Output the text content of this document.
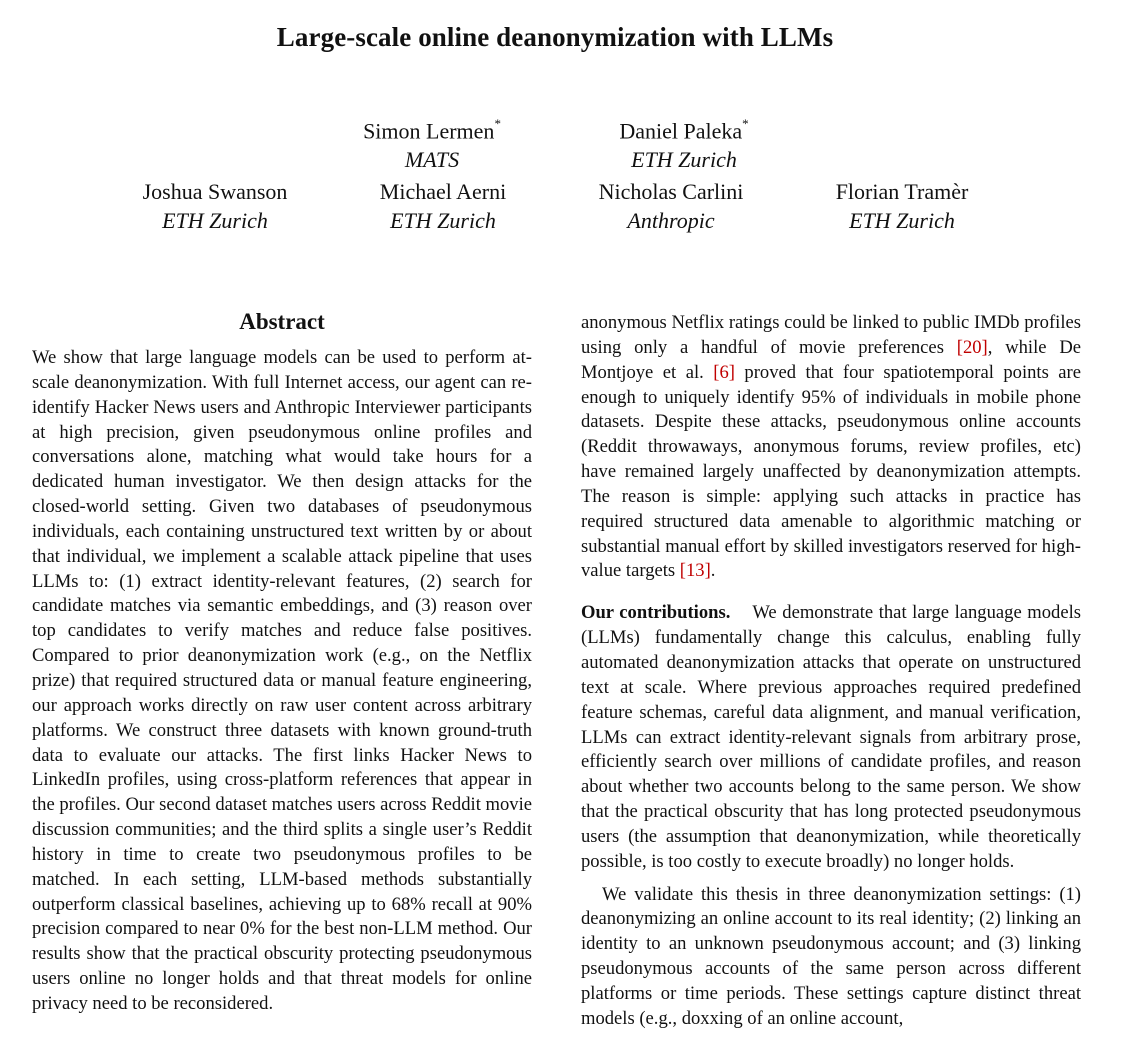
Large-scale online deanonymization with LLMs
Simon Lermen*
MATS
Daniel Paleka*
ETH Zurich
Joshua Swanson
ETH Zurich
Michael Aerni
ETH Zurich
Nicholas Carlini
Anthropic
Florian Tramèr
ETH Zurich
Abstract

We show that large language models can be used to perform at-scale deanonymization. With full Internet access, our agent can re-identify Hacker News users and Anthropic Interviewer participants at high precision, given pseudonymous online profiles and conversations alone, matching what would take hours for a dedicated human investigator. We then design attacks for the closed-world setting. Given two databases of pseudonymous individuals, each containing unstructured text written by or about that individual, we implement a scalable attack pipeline that uses LLMs to: (1) extract identity-relevant features, (2) search for candidate matches via semantic embeddings, and (3) reason over top candidates to verify matches and reduce false positives. Compared to prior deanonymization work (e.g., on the Netflix prize) that required structured data or manual feature engineering, our approach works directly on raw user content across arbitrary platforms. We construct three datasets with known ground-truth data to evaluate our attacks. The first links Hacker News to LinkedIn profiles, using cross-platform references that appear in the profiles. Our second dataset matches users across Reddit movie discussion communities; and the third splits a single user’s Reddit history in time to create two pseudonymous profiles to be matched. In each setting, LLM-based methods substantially outperform classical baselines, achieving up to 68% recall at 90% precision compared to near 0% for the best non-LLM method. Our results show that the practical obscurity protecting pseudonymous users online no longer holds and that threat models for online privacy need to be reconsidered.

anonymous Netflix ratings could be linked to public IMDb profiles using only a handful of movie preferences [20], while De Montjoye et al. [6] proved that four spatiotemporal points are enough to uniquely identify 95% of individuals in mobile phone datasets. Despite these attacks, pseudonymous online accounts (Reddit throwaways, anonymous forums, review profiles, etc) have remained largely unaffected by deanonymization attempts. The reason is simple: applying such attacks in practice has required structured data amenable to algorithmic matching or substantial manual effort by skilled investigators reserved for high-value targets [13].

Our contributions. We demonstrate that large language models (LLMs) fundamentally change this calculus, enabling fully automated deanonymization attacks that operate on unstructured text at scale. Where previous approaches required predefined feature schemas, careful data alignment, and manual verification, LLMs can extract identity-relevant signals from arbitrary prose, efficiently search over millions of candidate profiles, and reason about whether two accounts belong to the same person. We show that the practical obscurity that has long protected pseudonymous users (the assumption that deanonymization, while theoretically possible, is too costly to execute broadly) no longer holds.

We validate this thesis in three deanonymization settings: (1) deanonymizing an online account to its real identity; (2) linking an identity to an unknown pseudonymous account; and (3) linking pseudonymous accounts of the same person across different platforms or time periods. These settings capture distinct threat models (e.g., doxxing of an online account,
